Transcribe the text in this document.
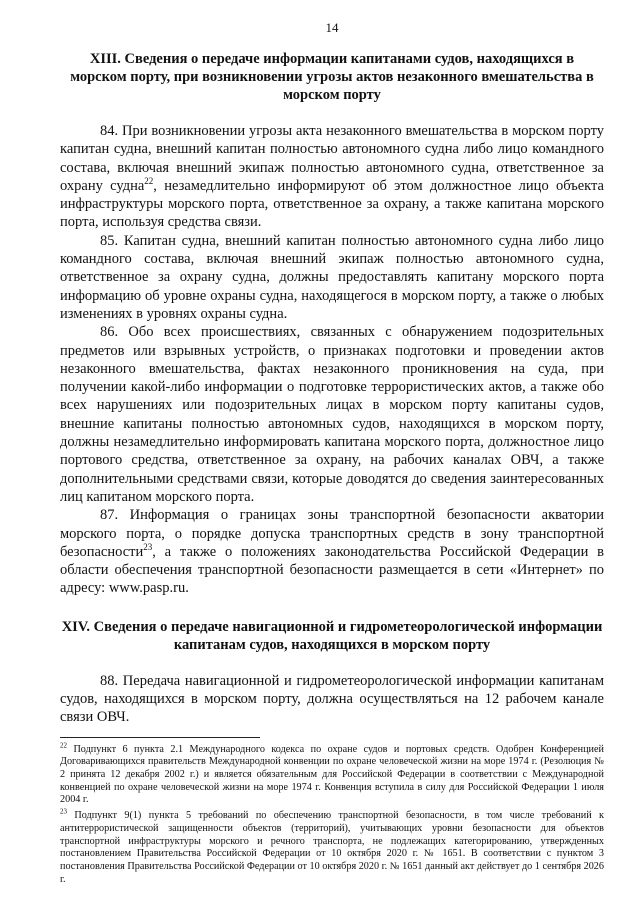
14
XIII. Сведения о передаче информации капитанами судов, находящихся в морском порту, при возникновении угрозы актов незаконного вмешательства в морском порту

84. При возникновении угрозы акта незаконного вмешательства в морском порту капитан судна, внешний капитан полностью автономного судна либо лицо командного состава, включая внешний экипаж полностью автономного судна, ответственное за охрану судна$^{22}$, незамедлительно информируют об этом должностное лицо объекта инфраструктуры морского порта, ответственное за охрану, а также капитана морского порта, используя средства связи.

85. Капитан судна, внешний капитан полностью автономного судна либо лицо командного состава, включая внешний экипаж полностью автономного судна, ответственное за охрану судна, должны предоставлять капитану морского порта информацию об уровне охраны судна, находящегося в морском порту, а также о любых изменениях в уровнях охраны судна.

86. Обо всех происшествиях, связанных с обнаружением подозрительных предметов или взрывных устройств, о признаках подготовки и проведении актов незаконного вмешательства, фактах незаконного проникновения на суда, при получении какой-либо информации о подготовке террористических актов, а также обо всех нарушениях или подозрительных лицах в морском порту капитаны судов, внешние капитаны полностью автономных судов, находящихся в морском порту, должны незамедлительно информировать капитана морского порта, должностное лицо портового средства, ответственное за охрану, на рабочих каналах ОВЧ, а также дополнительными средствами связи, которые доводятся до сведения заинтересованных лиц капитаном морского порта.

87. Информация о границах зоны транспортной безопасности акватории морского порта, о порядке допуска транспортных средств в зону транспортной безопасности$^{23}$, а также о положениях законодательства Российской Федерации в области обеспечения транспортной безопасности размещается в сети «Интернет» по адресу: www.pasp.ru.

XIV. Сведения о передаче навигационной и гидрометеорологической информации капитанам судов, находящихся в морском порту

88. Передача навигационной и гидрометеорологической информации капитанам судов, находящихся в морском порту, должна осуществляться на 12 рабочем канале связи ОВЧ.

$^{22}$ Подпункт 6 пункта 2.1 Международного кодекса по охране судов и портовых средств. Одобрен Конференцией Договаривающихся правительств Международной конвенции по охране человеческой жизни на море 1974 г. (Резолюция № 2 принята 12 декабря 2002 г.) и является обязательным для Российской Федерации в соответствии с Международной конвенцией по охране человеческой жизни на море 1974 г. Конвенция вступила в силу для Российской Федерации 1 июля 2004 г.

$^{23}$ Подпункт 9(1) пункта 5 требований по обеспечению транспортной безопасности, в том числе требований к антитеррористической защищенности объектов (территорий), учитывающих уровни безопасности для объектов транспортной инфраструктуры морского и речного транспорта, не подлежащих категорированию, утвержденных постановлением Правительства Российской Федерации от 10 октября 2020 г. № 1651. В соответствии с пунктом 3 постановления Правительства Российской Федерации от 10 октября 2020 г. № 1651 данный акт действует до 1 сентября 2026 г.
